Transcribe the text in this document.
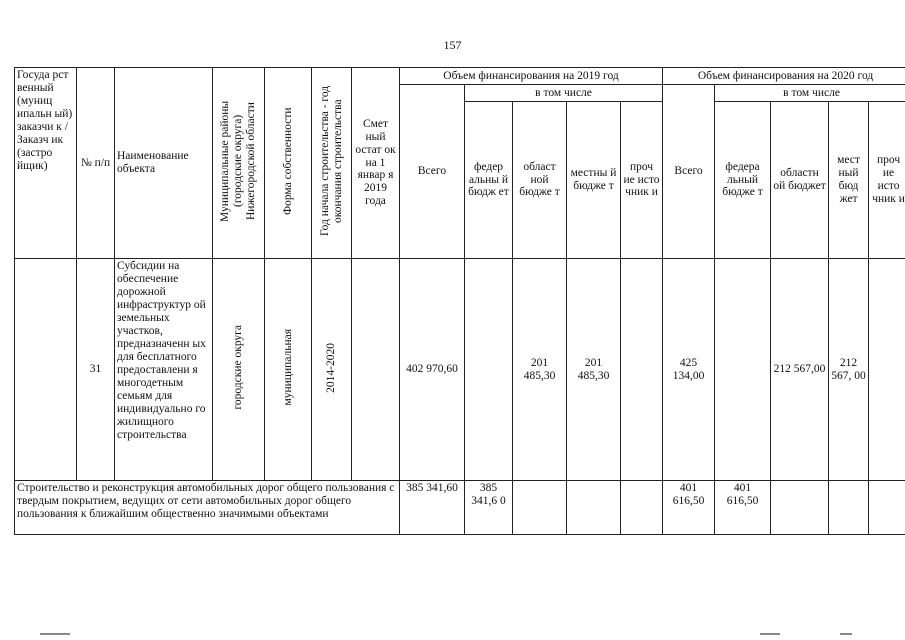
157
Госуда рст венный (муниц ипальн ый) заказчи к / Заказч ик (застро йщик)	№ п/п	Наименование объекта	Муниципальные районы (городские округа) Нижегородской области	Форма собственности	Год начала строительства - год окончания строительства	Смет ный остат ок на 1 январ я 2019 года	Объем финансирования на 2019 год					Объем финансирования на 2020 год				
							Всего	в том числе				Всего	в том числе			
								федер альны й бюдж ет	област ной бюдже т	местны й бюдже т	проч ие исто чник и		федера льный бюдже т	областн ой бюджет	мест ный бюд жет	проч ие исто чник и
	31	Субсидии на обеспечение дорожной инфраструктур ой земельных участков, предназначенн ых для бесплатного предоставлени я многодетным семьям для индивидуально го жилищного строительства	городские округа	муниципальная	2014-2020		402 970,60		201 485,30	201 485,30		425 134,00		212 567,00	212 567, 00	
Строительство и реконструкция автомобильных дорог общего пользования с твердым покрытием, ведущих от сети автомобильных дорог общего пользования к ближайшим общественно значимыми объектами							385 341,60	385 341,6 0				401 616,50	401 616,50			
